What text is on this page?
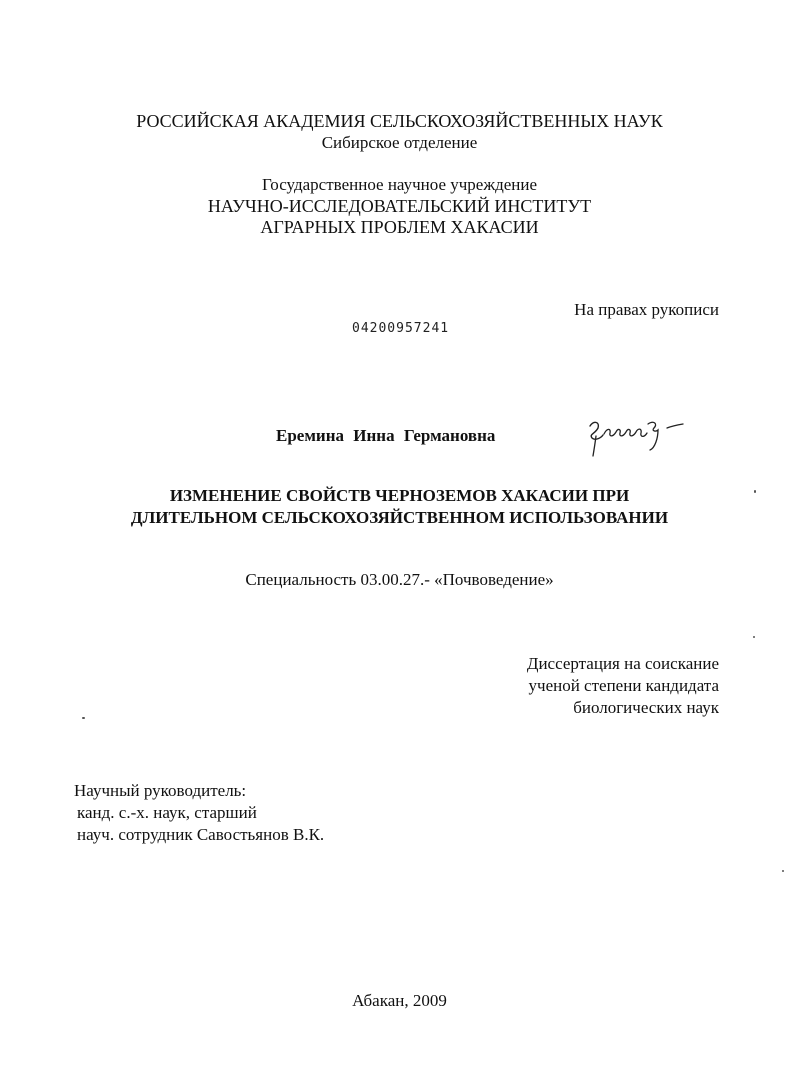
РОССИЙСКАЯ АКАДЕМИЯ СЕЛЬСКОХОЗЯЙСТВЕННЫХ НАУК
Сибирское отделение
Государственное научное учреждение
НАУЧНО-ИССЛЕДОВАТЕЛЬСКИЙ ИНСТИТУТ
АГРАРНЫХ ПРОБЛЕМ ХАКАСИИ
На правах рукописи
04200957241
Еремина Инна Германовна
ИЗМЕНЕНИЕ СВОЙСТВ ЧЕРНОЗЕМОВ ХАКАСИИ ПРИ
ДЛИТЕЛЬНОМ СЕЛЬСКОХОЗЯЙСТВЕННОМ ИСПОЛЬЗОВАНИИ
Специальность 03.00.27.- «Почвоведение»
Диссертация на соискание
ученой степени кандидата
биологических наук
Научный руководитель:
канд. с.-х. наук, старший
науч. сотрудник Савостьянов В.К.
Абакан, 2009
